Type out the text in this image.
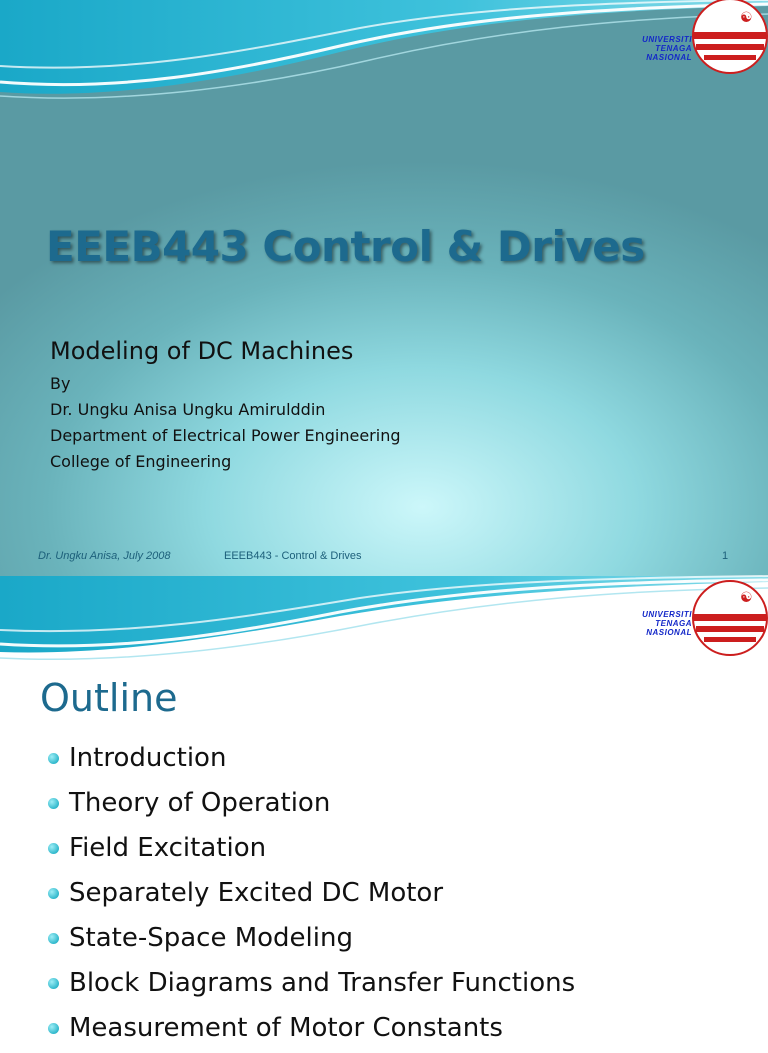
☯
UNIVERSITI
TENAGA
NASIONAL
EEEB443 Control & Drives
Modeling of DC Machines
By
Dr. Ungku Anisa Ungku Amirulddin
Department of Electrical Power Engineering
College of Engineering
Dr. Ungku Anisa, July 2008	EEEB443 - Control & Drives	1
☯
UNIVERSITI
TENAGA
NASIONAL
Outline
Introduction
Theory of Operation
Field Excitation
Separately Excited DC Motor
State-Space Modeling
Block Diagrams and Transfer Functions
Measurement of Motor Constants
